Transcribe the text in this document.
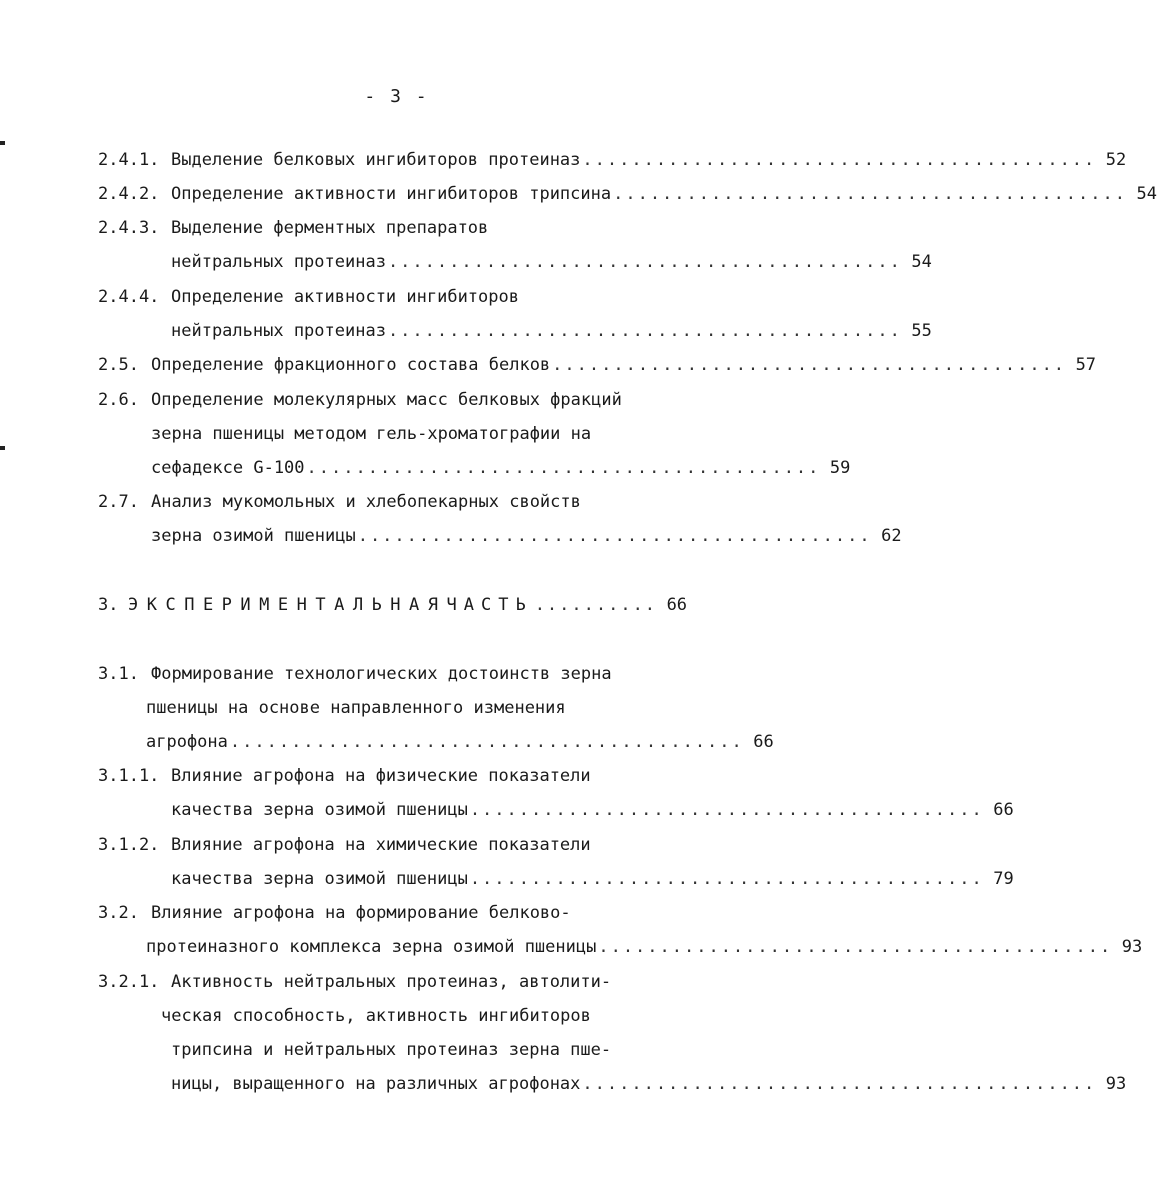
- 3 -
2.4.1. Выделение белковых ингибиторов протеиназ .......................................... 52
2.4.2. Определение активности ингибиторов трипсина .......................................... 54
2.4.3. Выделение ферментных препаратов
нейтральных протеиназ .......................................... 54
2.4.4. Определение активности ингибиторов
нейтральных протеиназ .......................................... 55
2.5. Определение фракционного состава белков .......................................... 57
2.6. Определение молекулярных масс белковых фракций
зерна пшеницы методом гель-хроматографии на
сефадексе G-100 .......................................... 59
2.7. Анализ мукомольных и хлебопекарных свойств
зерна озимой пшеницы .......................................... 62
3. ЭКСПЕРИМЕНТАЛЬНАЯ ЧАСТЬ .......... 66
3.1. Формирование технологических достоинств зерна
пшеницы на основе направленного изменения
агрофона .......................................... 66
3.1.1. Влияние агрофона на физические показатели
качества зерна озимой пшеницы .......................................... 66
3.1.2. Влияние агрофона на химические показатели
качества зерна озимой пшеницы .......................................... 79
3.2. Влияние агрофона на формирование белково-
протеиназного комплекса зерна озимой пшеницы .......................................... 93
3.2.1. Активность нейтральных протеиназ, автолити-
ческая способность, активность ингибиторов
трипсина и нейтральных протеиназ зерна пше-
ницы, выращенного на различных агрофонах .......................................... 93
